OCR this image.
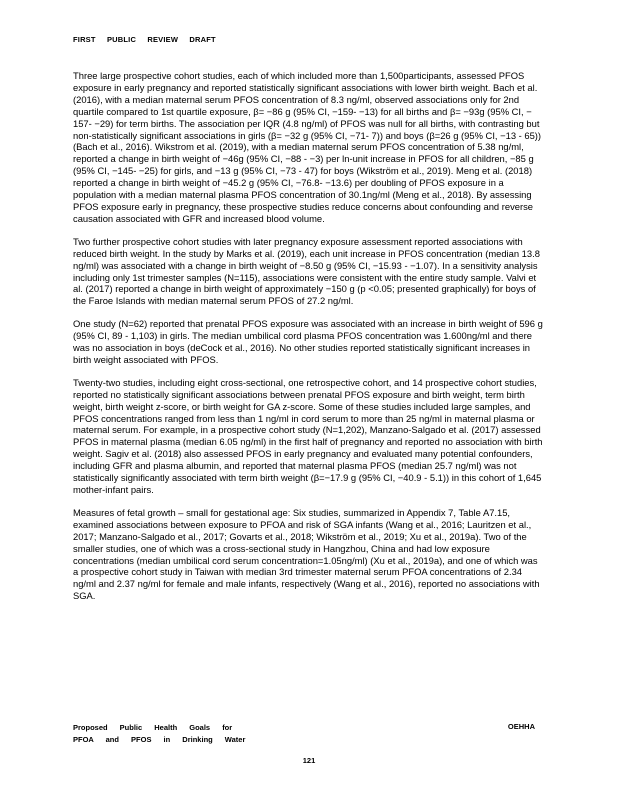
FIRST PUBLIC REVIEW DRAFT

Three large prospective cohort studies, each of which included more than 1,500participants, assessed PFOS exposure in early pregnancy and reported statistically significant associations with lower birth weight. Bach et al. (2016), with a median maternal serum PFOS concentration of 8.3 ng/ml, observed associations only for 2nd quartile compared to 1st quartile exposure, β= −86 g (95% CI, −159- −13) for all births and β= −93g (95% CI, − 157- −29) for term births. The association per IQR (4.8 ng/ml) of PFOS was null for all births, with contrasting but non-statistically significant associations in girls (β= −32 g (95% CI, −71- 7)) and boys (β=26 g (95% CI, −13 - 65))(Bach et al., 2016). Wikstrom et al. (2019), with a median maternal serum PFOS concentration of 5.38 ng/ml, reported a change in birth weight of −46g (95% CI, −88 - −3) per ln-unit increase in PFOS for all children, −85 g (95% CI, −145- −25) for girls, and −13 g (95% CI, −73 - 47) for boys (Wikström et al., 2019). Meng et al. (2018) reported a change in birth weight of −45.2 g (95% CI, −76.8- −13.6) per doubling of PFOS exposure in a population with a median maternal plasma PFOS concentration of 30.1ng/ml (Meng et al., 2018). By assessing PFOS exposure early in pregnancy, these prospective studies reduce concerns about confounding and reverse causation associated with GFR and increased blood volume.

Two further prospective cohort studies with later pregnancy exposure assessment reported associations with reduced birth weight. In the study by Marks et al. (2019), each unit increase in PFOS concentration (median 13.8 ng/ml) was associated with a change in birth weight of −8.50 g (95% CI, −15.93 - −1.07). In a sensitivity analysis including only 1st trimester samples (N=115), associations were consistent with the entire study sample. Valvi et al. (2017) reported a change in birth weight of approximately −150 g (p <0.05; presented graphically) for boys of the Faroe Islands with median maternal serum PFOS of 27.2 ng/ml.

One study (N=62) reported that prenatal PFOS exposure was associated with an increase in birth weight of 596 g (95% CI, 89 - 1,103) in girls. The median umbilical cord plasma PFOS concentration was 1.600ng/ml and there was no association in boys (deCock et al., 2016). No other studies reported statistically significant increases in birth weight associated with PFOS.

Twenty-two studies, including eight cross-sectional, one retrospective cohort, and 14 prospective cohort studies, reported no statistically significant associations between prenatal PFOS exposure and birth weight, term birth weight, birth weight z-score, or birth weight for GA z-score. Some of these studies included large samples, and PFOS concentrations ranged from less than 1 ng/ml in cord serum to more than 25 ng/ml in maternal plasma or maternal serum. For example, in a prospective cohort study (N=1,202), Manzano-Salgado et al. (2017) assessed PFOS in maternal plasma (median 6.05 ng/ml) in the first half of pregnancy and reported no association with birth weight. Sagiv et al. (2018) also assessed PFOS in early pregnancy and evaluated many potential confounders, including GFR and plasma albumin, and reported that maternal plasma PFOS (median 25.7 ng/ml) was not statistically significantly associated with term birth weight (β=−17.9 g (95% CI, −40.9 - 5.1)) in this cohort of 1,645 mother-infant pairs.

Measures of fetal growth – small for gestational age: Six studies, summarized in Appendix 7, Table A7.15, examined associations between exposure to PFOA and risk of SGA infants (Wang et al., 2016; Lauritzen et al., 2017; Manzano-Salgado et al., 2017; Govarts et al., 2018; Wikström et al., 2019; Xu et al., 2019a). Two of the smaller studies, one of which was a cross-sectional study in Hangzhou, China and had low exposure concentrations (median umbilical cord serum concentration=1.05ng/ml) (Xu et al., 2019a), and one of which was a prospective cohort study in Taiwan with median 3rd trimester maternal serum PFOA concentrations of 2.34 ng/ml and 2.37 ng/ml for female and male infants, respectively (Wang et al., 2016), reported no associations with SGA.

Proposed Public Health Goals for
PFOA and PFOS in Drinking Water
OEHHA
121
